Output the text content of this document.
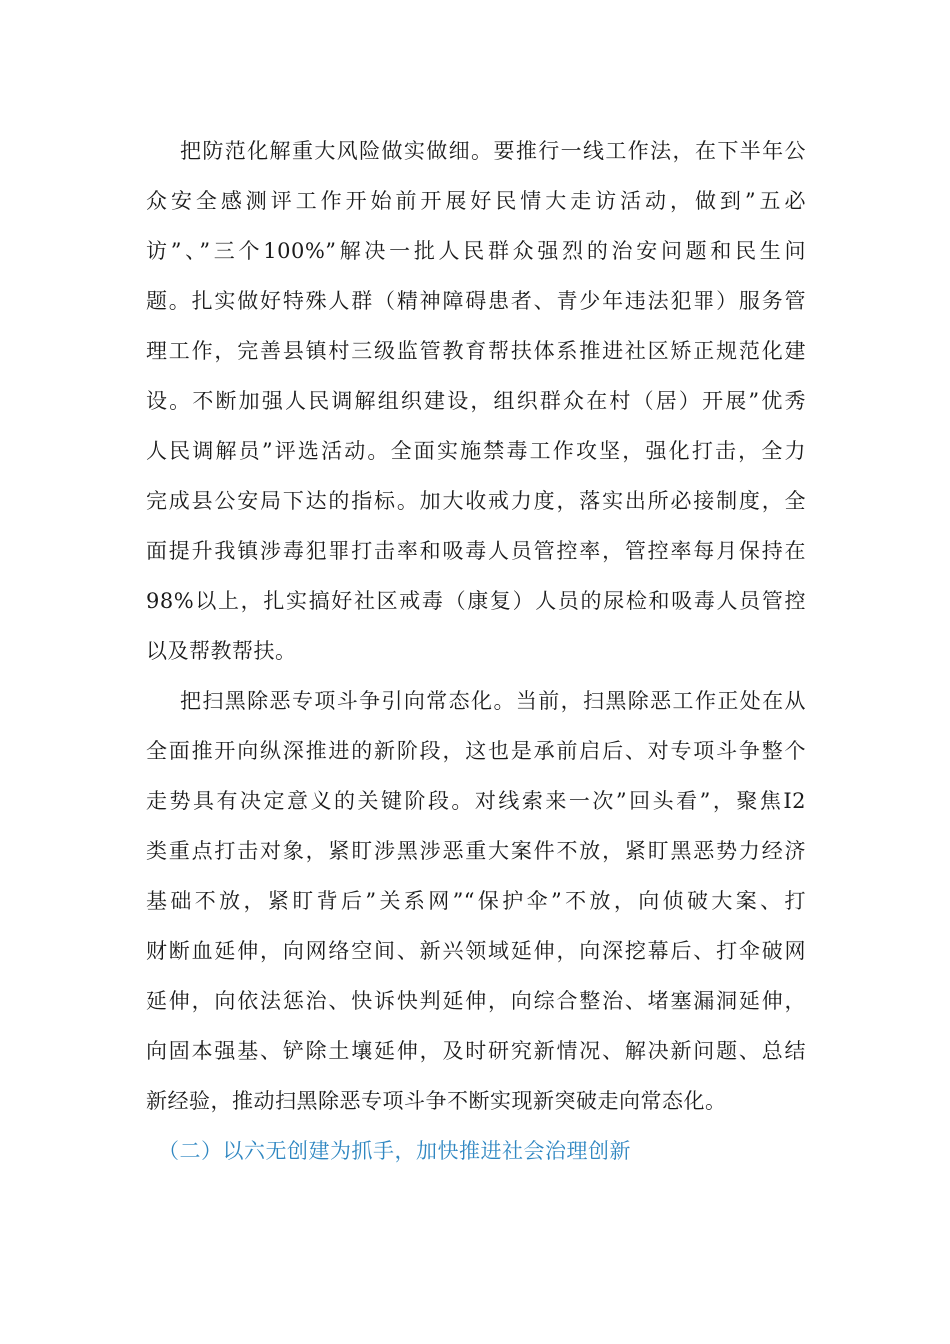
把防范化解重大风险做实做细。要推行一线工作法，在下半年公
众安全感测评工作开始前开展好民情大走访活动，做到”五必
访”、”三个100%”解决一批人民群众强烈的治安问题和民生问
题。扎实做好特殊人群（精神障碍患者、青少年违法犯罪）服务管
理工作，完善县镇村三级监管教育帮扶体系推进社区矫正规范化建
设。不断加强人民调解组织建设，组织群众在村（居）开展”优秀
人民调解员”评选活动。全面实施禁毒工作攻坚，强化打击，全力
完成县公安局下达的指标。加大收戒力度，落实出所必接制度，全
面提升我镇涉毒犯罪打击率和吸毒人员管控率，管控率每月保持在
98%以上，扎实搞好社区戒毒（康复）人员的尿检和吸毒人员管控
以及帮教帮扶。
把扫黑除恶专项斗争引向常态化。当前，扫黑除恶工作正处在从
全面推开向纵深推进的新阶段，这也是承前启后、对专项斗争整个
走势具有决定意义的关键阶段。对线索来一次”回头看”，聚焦I2
类重点打击对象，紧盯涉黑涉恶重大案件不放，紧盯黑恶势力经济
基础不放，紧盯背后”关系网”“保护伞”不放，向侦破大案、打
财断血延伸，向网络空间、新兴领域延伸，向深挖幕后、打伞破网
延伸，向依法惩治、快诉快判延伸，向综合整治、堵塞漏洞延伸，
向固本强基、铲除土壤延伸，及时研究新情况、解决新问题、总结
新经验，推动扫黑除恶专项斗争不断实现新突破走向常态化。
（二）以六无创建为抓手，加快推进社会治理创新
